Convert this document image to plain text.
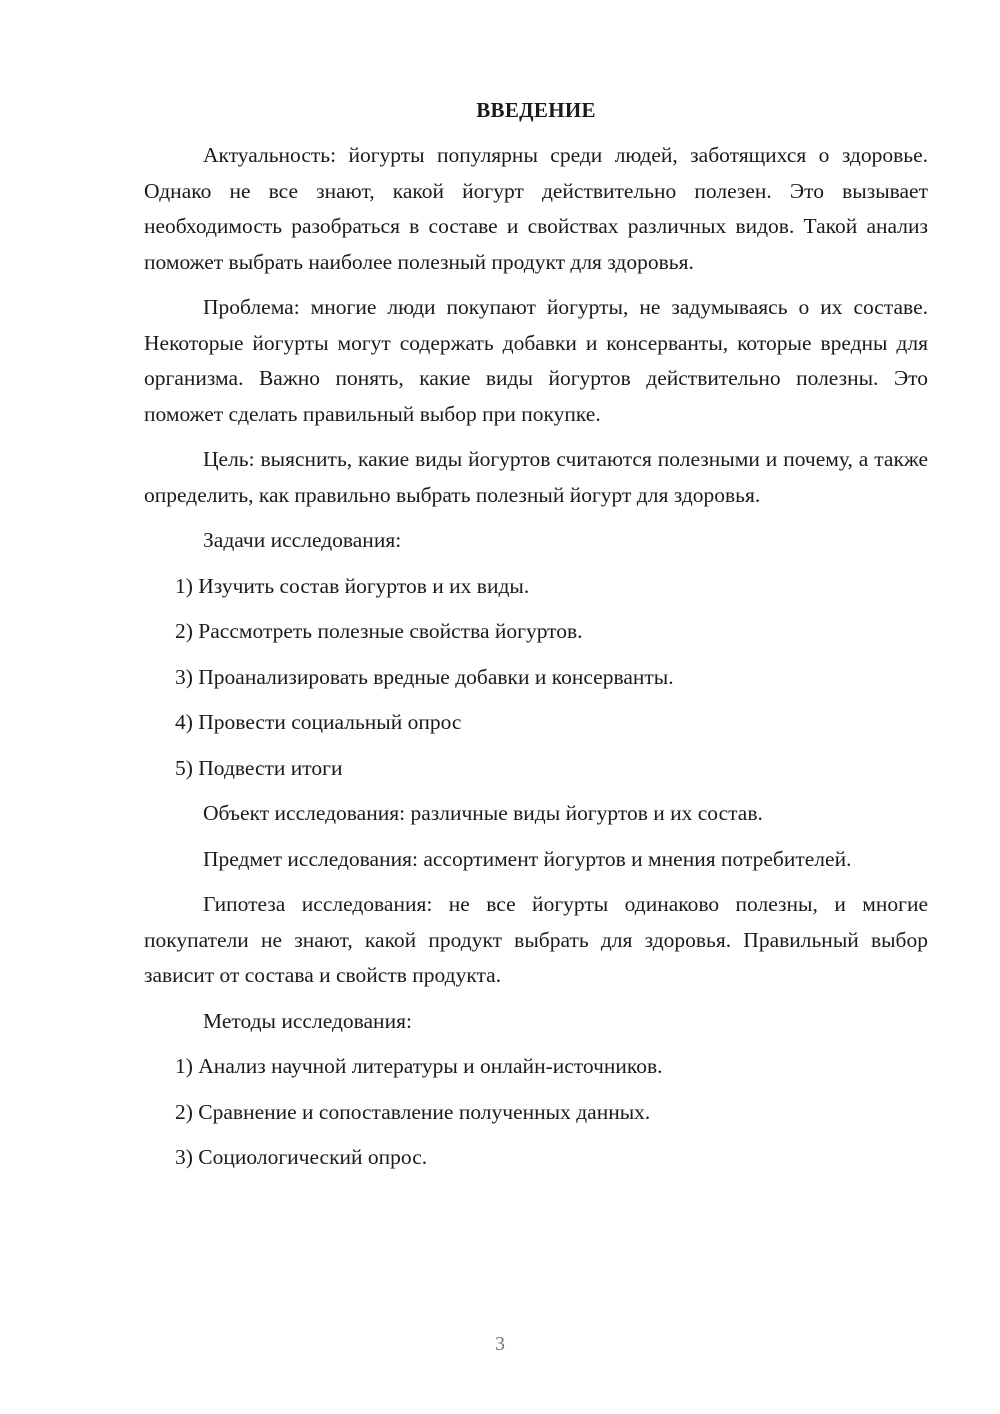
ВВЕДЕНИЕ

Актуальность: йогурты популярны среди людей, заботящихся о здоровье. Однако не все знают, какой йогурт действительно полезен. Это вызывает необходимость разобраться в составе и свойствах различных видов. Такой анализ поможет выбрать наиболее полезный продукт для здоровья.

Проблема: многие люди покупают йогурты, не задумываясь о их составе. Некоторые йогурты могут содержать добавки и консерванты, которые вредны для организма. Важно понять, какие виды йогуртов действительно полезны. Это поможет сделать правильный выбор при покупке.

Цель: выяснить, какие виды йогуртов считаются полезными и почему, а также определить, как правильно выбрать полезный йогурт для здоровья.

Задачи исследования:

1) Изучить состав йогуртов и их виды.
2) Рассмотреть полезные свойства йогуртов.
3) Проанализировать вредные добавки и консерванты.
4) Провести социальный опрос
5) Подвести итоги

Объект исследования: различные виды йогуртов и их состав.

Предмет исследования: ассортимент йогуртов и мнения потребителей.

Гипотеза исследования: не все йогурты одинаково полезны, и многие покупатели не знают, какой продукт выбрать для здоровья. Правильный выбор зависит от состава и свойств продукта.

Методы исследования:

1) Анализ научной литературы и онлайн-источников.
2) Сравнение и сопоставление полученных данных.
3) Социологический опрос.
3
